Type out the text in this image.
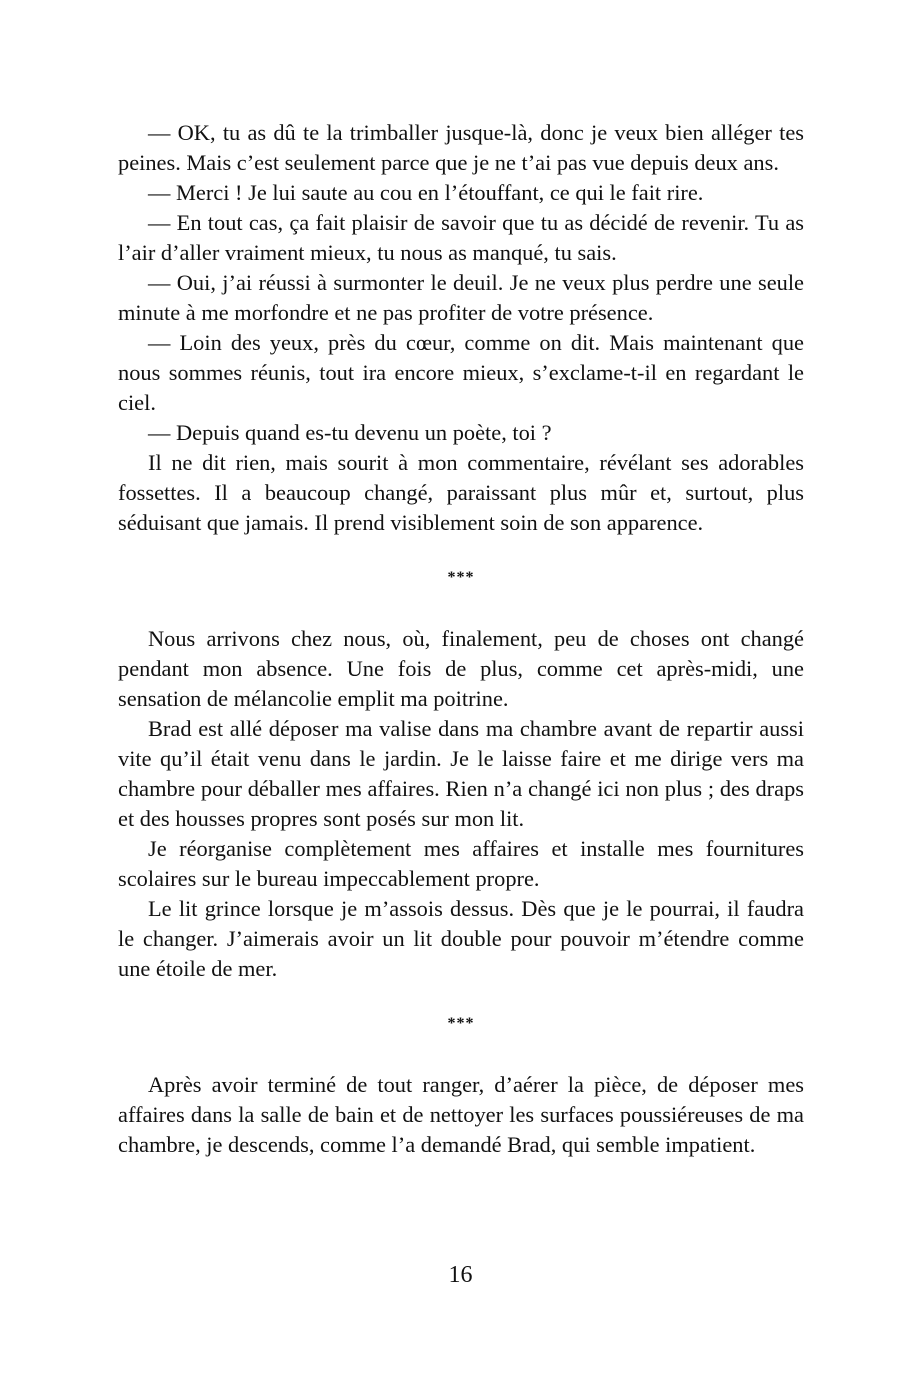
— OK, tu as dû te la trimballer jusque-là, donc je veux bien alléger tes peines. Mais c’est seulement parce que je ne t’ai pas vue depuis deux ans.

— Merci ! Je lui saute au cou en l’étouffant, ce qui le fait rire.

— En tout cas, ça fait plaisir de savoir que tu as décidé de revenir. Tu as l’air d’aller vraiment mieux, tu nous as manqué, tu sais.

— Oui, j’ai réussi à surmonter le deuil. Je ne veux plus perdre une seule minute à me morfondre et ne pas profiter de votre présence.

— Loin des yeux, près du cœur, comme on dit. Mais maintenant que nous sommes réunis, tout ira encore mieux, s’exclame-t-il en regardant le ciel.

— Depuis quand es-tu devenu un poète, toi ?

Il ne dit rien, mais sourit à mon commentaire, révélant ses adorables fossettes. Il a beaucoup changé, paraissant plus mûr et, surtout, plus séduisant que jamais. Il prend visiblement soin de son apparence.

***

Nous arrivons chez nous, où, finalement, peu de choses ont changé pendant mon absence. Une fois de plus, comme cet après-midi, une sensation de mélancolie emplit ma poitrine.

Brad est allé déposer ma valise dans ma chambre avant de repartir aussi vite qu’il était venu dans le jardin. Je le laisse faire et me dirige vers ma chambre pour déballer mes affaires. Rien n’a changé ici non plus ; des draps et des housses propres sont posés sur mon lit.

Je réorganise complètement mes affaires et installe mes fournitures scolaires sur le bureau impeccablement propre.

Le lit grince lorsque je m’assois dessus. Dès que je le pourrai, il faudra le changer. J’aimerais avoir un lit double pour pouvoir m’étendre comme une étoile de mer.

***

Après avoir terminé de tout ranger, d’aérer la pièce, de déposer mes affaires dans la salle de bain et de nettoyer les surfaces poussiéreuses de ma chambre, je descends, comme l’a demandé Brad, qui semble impatient.

16
